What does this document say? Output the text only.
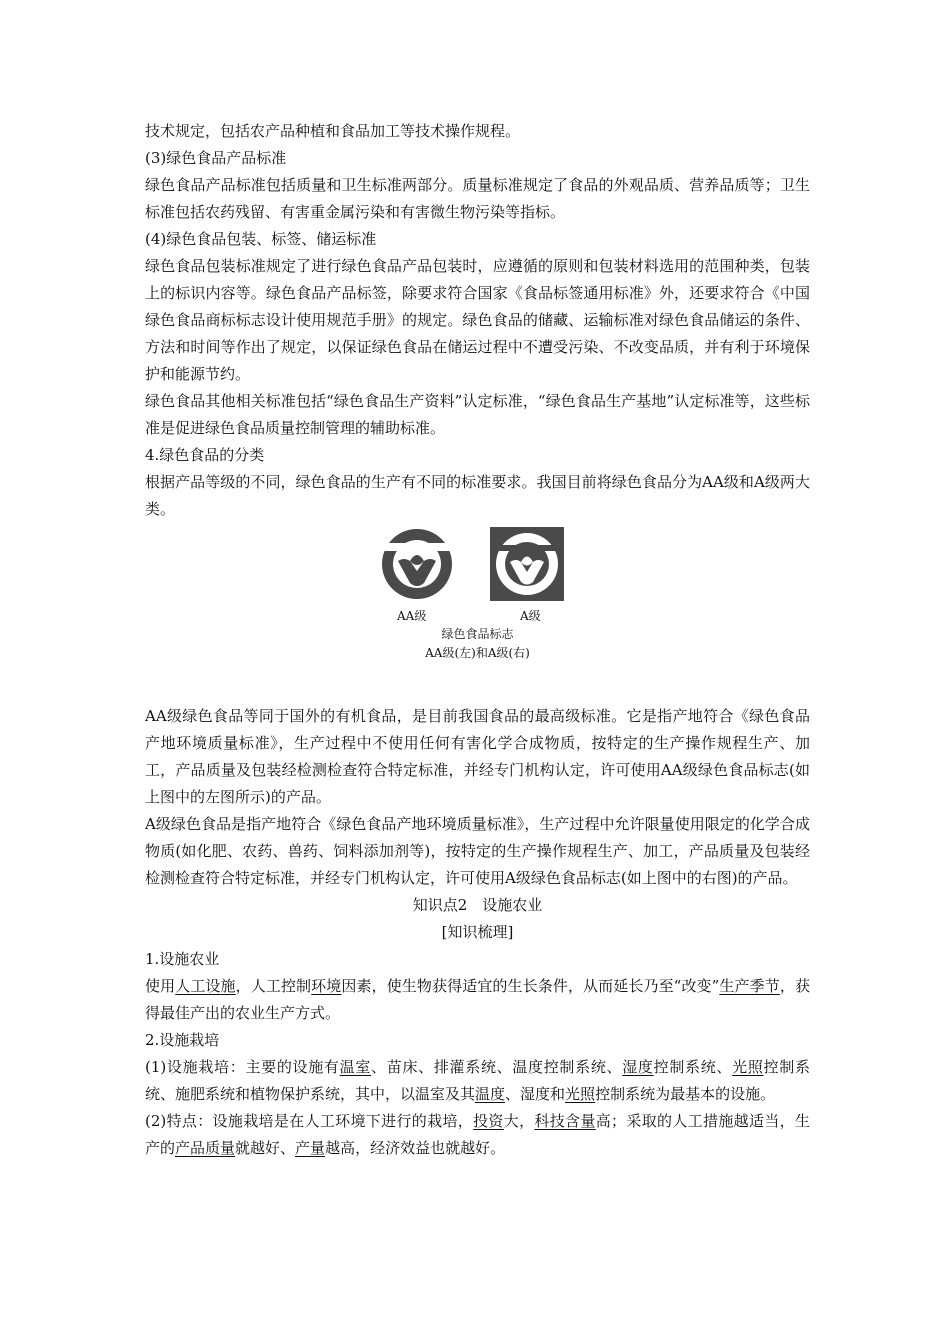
技术规定，包括农产品种植和食品加工等技术操作规程。

(3)绿色食品产品标准

绿色食品产品标准包括质量和卫生标准两部分。质量标准规定了食品的外观品质、营养品质等；卫生标准包括农药残留、有害重金属污染和有害微生物污染等指标。

(4)绿色食品包装、标签、储运标准

绿色食品包装标准规定了进行绿色食品产品包装时，应遵循的原则和包装材料选用的范围种类，包装上的标识内容等。绿色食品产品标签，除要求符合国家《食品标签通用标准》外，还要求符合《中国绿色食品商标标志设计使用规范手册》的规定。绿色食品的储藏、运输标准对绿色食品储运的条件、方法和时间等作出了规定，以保证绿色食品在储运过程中不遭受污染、不改变品质，并有利于环境保护和能源节约。

绿色食品其他相关标准包括“绿色食品生产资料”认定标准，“绿色食品生产基地”认定标准等，这些标准是促进绿色食品质量控制管理的辅助标准。

4.绿色食品的分类

根据产品等级的不同，绿色食品的生产有不同的标准要求。我国目前将绿色食品分为AA级和A级两大类。

AA级	A级
绿色食品标志
AA级(左)和A级(右)

AA级绿色食品等同于国外的有机食品，是目前我国食品的最高级标准。它是指产地符合《绿色食品产地环境质量标准》，生产过程中不使用任何有害化学合成物质，按特定的生产操作规程生产、加工，产品质量及包装经检测检查符合特定标准，并经专门机构认定，许可使用AA级绿色食品标志(如上图中的左图所示)的产品。

A级绿色食品是指产地符合《绿色食品产地环境质量标准》，生产过程中允许限量使用限定的化学合成物质(如化肥、农药、兽药、饲料添加剂等)，按特定的生产操作规程生产、加工，产品质量及包装经检测检查符合特定标准，并经专门机构认定，许可使用A级绿色食品标志(如上图中的右图)的产品。

知识点2　设施农业

[知识梳理]

1.设施农业

使用人工设施，人工控制环境因素，使生物获得适宜的生长条件，从而延长乃至“改变”生产季节，获得最佳产出的农业生产方式。

2.设施栽培

(1)设施栽培：主要的设施有温室、苗床、排灌系统、温度控制系统、湿度控制系统、光照控制系统、施肥系统和植物保护系统，其中，以温室及其温度、湿度和光照控制系统为最基本的设施。

(2)特点：设施栽培是在人工环境下进行的栽培，投资大，科技含量高；采取的人工措施越适当，生产的产品质量就越好、产量越高，经济效益也就越好。
